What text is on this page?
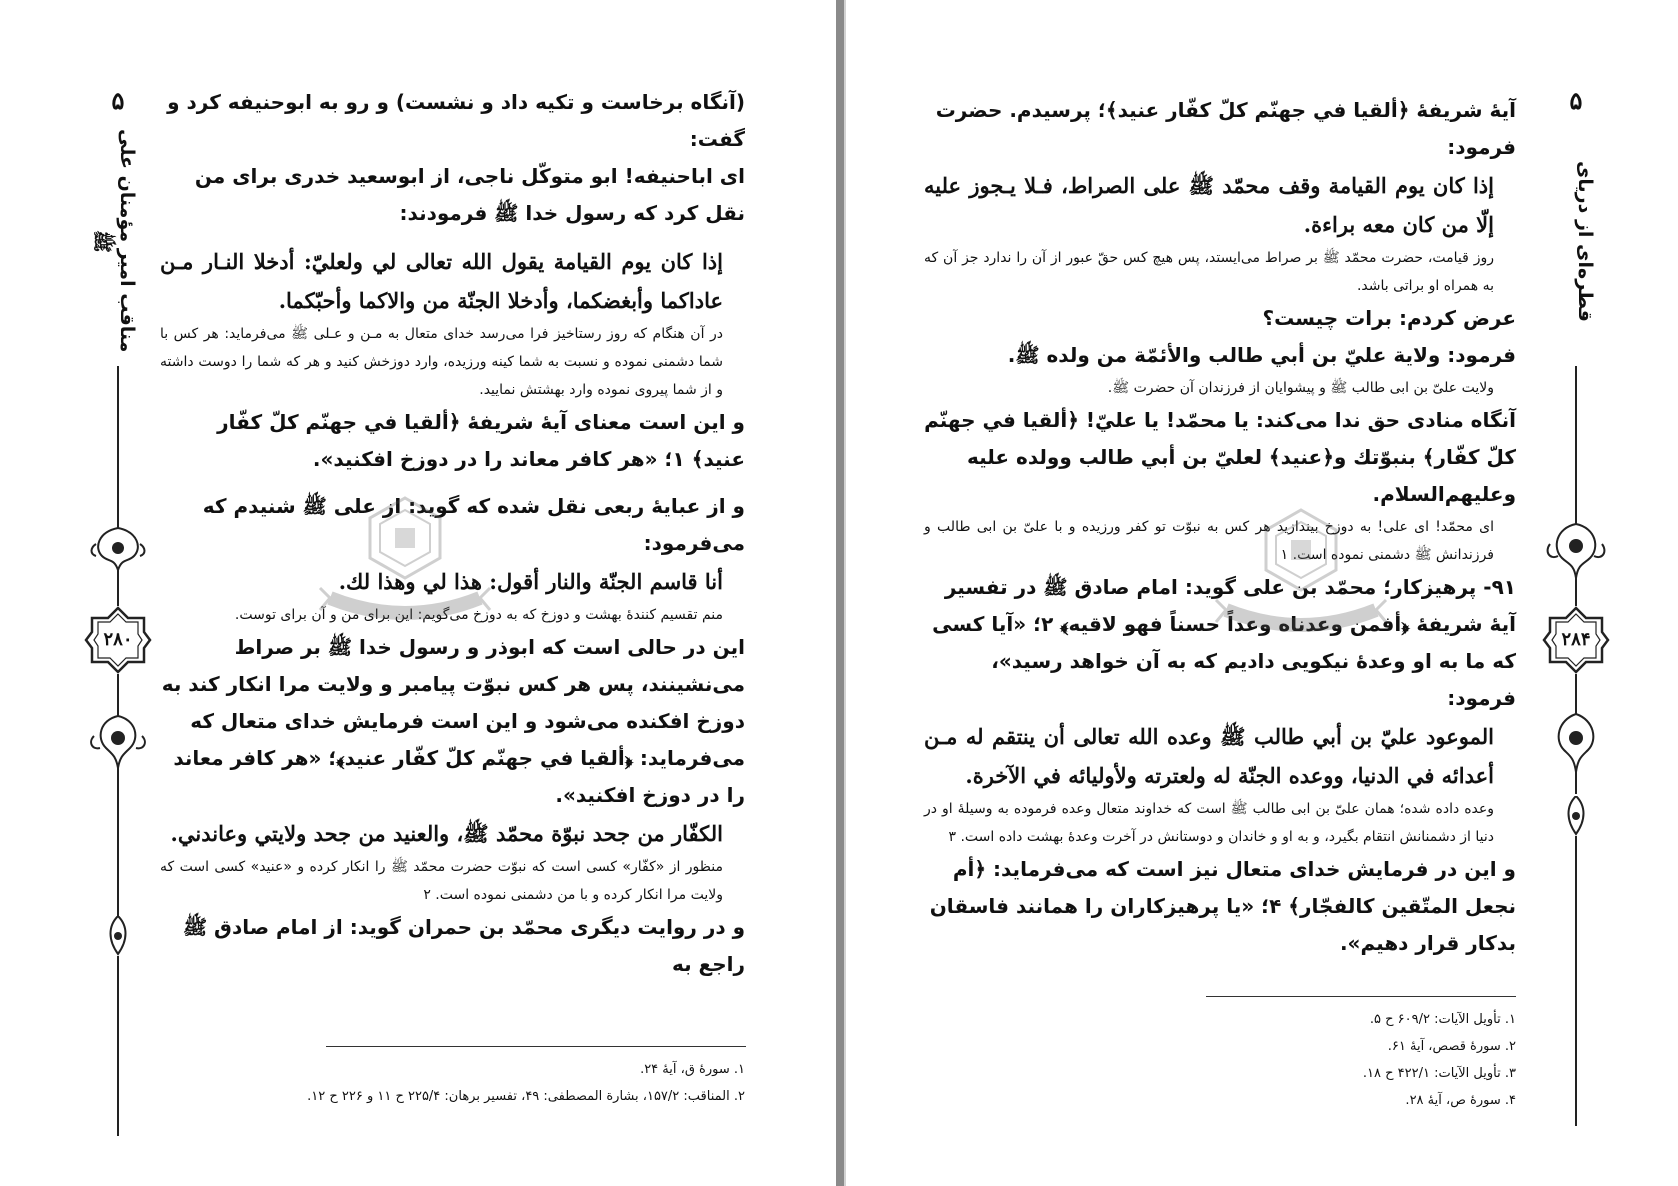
(آنگاه برخاست و تکیه داد و نشست) و رو به ابوحنیفه کرد و گفت:
ای اباحنیفه! ابو متوکّل ناجی، از ابوسعید خدری برای من نقل کرد که رسول خدا ﷺ فرمودند:
إذا كان يوم القيامة يقول الله تعالى لي ولعليّ: أدخلا النـار مـن عاداكما وأبغضكما، وأدخلا الجنّة من والاكما وأحبّكما.
در آن هنگام که روز رستاخیز فرا می‌رسد خدای متعال به مـن و عـلی ﷺ می‌فرماید: هر کس با شما دشمنی نموده و نسبت به شما کینه ورزیده، وارد دوزخش کنید و هر که شما را دوست داشته و از شما پیروی نموده وارد بهشتش نمایید.
و این است معنای آیهٔ شریفهٔ ﴿ألقيا في جهنّم كلّ كفّار عنيد﴾ ۱؛ «هر کافر معاند را در دوزخ افکنید».
و از عبایهٔ ربعی نقل شده که گوید: از علی ﷺ شنیدم که می‌فرمود:
أنا قاسم الجنّة والنار أقول: هذا لي وهذا لك.
منم تقسیم کنندهٔ بهشت و دوزخ که به دوزخ می‌گویم: این برای من و آن برای توست.
این در حالی است که ابوذر و رسول خدا ﷺ بر صراط می‌نشینند، پس هر کس نبوّت پیامبر و ولایت مرا انکار کند به دوزخ افکنده می‌شود و این است فرمایش خدای متعال که می‌فرماید: ﴿ألقيا في جهنّم كلّ كفّار عنيد﴾؛ «هر کافر معاند را در دوزخ افکنید».
الكفّار من جحد نبوّة محمّد ﷺ، والعنيد من جحد ولايتي وعاندني.
منظور از «کفّار» کسی است که نبوّت حضرت محمّد ﷺ را انکار کرده و «عنید» کسی است که ولایت مرا انکار کرده و با من دشمنی نموده است. ۲
و در روایت دیگری محمّد بن حمران گوید: از امام صادق ﷺ راجع به
۱. سورهٔ ق، آیهٔ ۲۴.
۲. المناقب: ۱۵۷/۲، بشارة المصطفى: ۴۹، تفسير برهان: ۲۲۵/۴ ح ۱۱ و ۲۲۶ ح ۱۲.
۵
مناقب امیر مؤمنان علی ﷺ
۲۸۰
آیهٔ شریفهٔ ﴿ألقيا في جهنّم كلّ كفّار عنيد﴾؛ پرسیدم. حضرت فرمود:
إذا كان يوم القيامة وقف محمّد ﷺ على الصراط، فـلا يـجوز عليه إلّا من كان معه براءة.
روز قیامت، حضرت محمّد ﷺ بر صراط می‌ایستد، پس هیچ کس حقّ عبور از آن را ندارد جز آن که به همراه او براتی باشد.
عرض کردم: برات چیست؟
فرمود: ولاية عليّ بن أبي طالب والأئمّة من ولده ﷺ.
ولایت علیّ بن ابی طالب ﷺ و پیشوایان از فرزندان آن حضرت ﷺ.
آنگاه منادی حق ندا می‌کند: يا محمّد! يا عليّ! ﴿ألقيا في جهنّم كلّ كفّار﴾ بنبوّتك و﴿عنيد﴾ لعليّ بن أبي طالب وولده عليه وعليهم‌السلام.
ای محمّد! ای علی! به دوزخ بیندازید هر کس به نبوّت تو کفر ورزیده و با علیّ بن ابی طالب و فرزندانش ﷺ دشمنی نموده است. ۱
۹۱- پرهیزکار؛ محمّد بن علی گوید: امام صادق ﷺ در تفسیر آیهٔ شریفهٔ ﴿أفمن وعدناه وعداً حسناً فهو لاقيه﴾ ۲؛ «آیا کسی که ما به او وعدهٔ نیکویی دادیم که به آن خواهد رسید»، فرمود:
الموعود عليّ بن أبي طالب ﷺ وعده الله تعالى أن ينتقم له مـن أعدائه في الدنيا، ووعده الجنّة له ولعترته ولأوليائه في الآخرة.
وعده داده شده؛ همان علیّ بن ابی طالب ﷺ است که خداوند متعال وعده فرموده به وسیلهٔ او در دنیا از دشمنانش انتقام بگیرد، و به او و خاندان و دوستانش در آخرت وعدهٔ بهشت داده است. ۳
و این در فرمایش خدای متعال نیز است که می‌فرماید: ﴿أم نجعل المتّقين كالفجّار﴾ ۴؛ «یا پرهیزکاران را همانند فاسقان بدکار قرار دهیم».
۱. تأويل الآيات: ۶۰۹/۲ ح ۵.
۲. سورهٔ قصص، آیهٔ ۶۱.
۳. تأويل الآيات: ۴۲۲/۱ ح ۱۸.
۴. سورهٔ ص، آیهٔ ۲۸.
۵
قطره‌ای از دریای
۲۸۴
